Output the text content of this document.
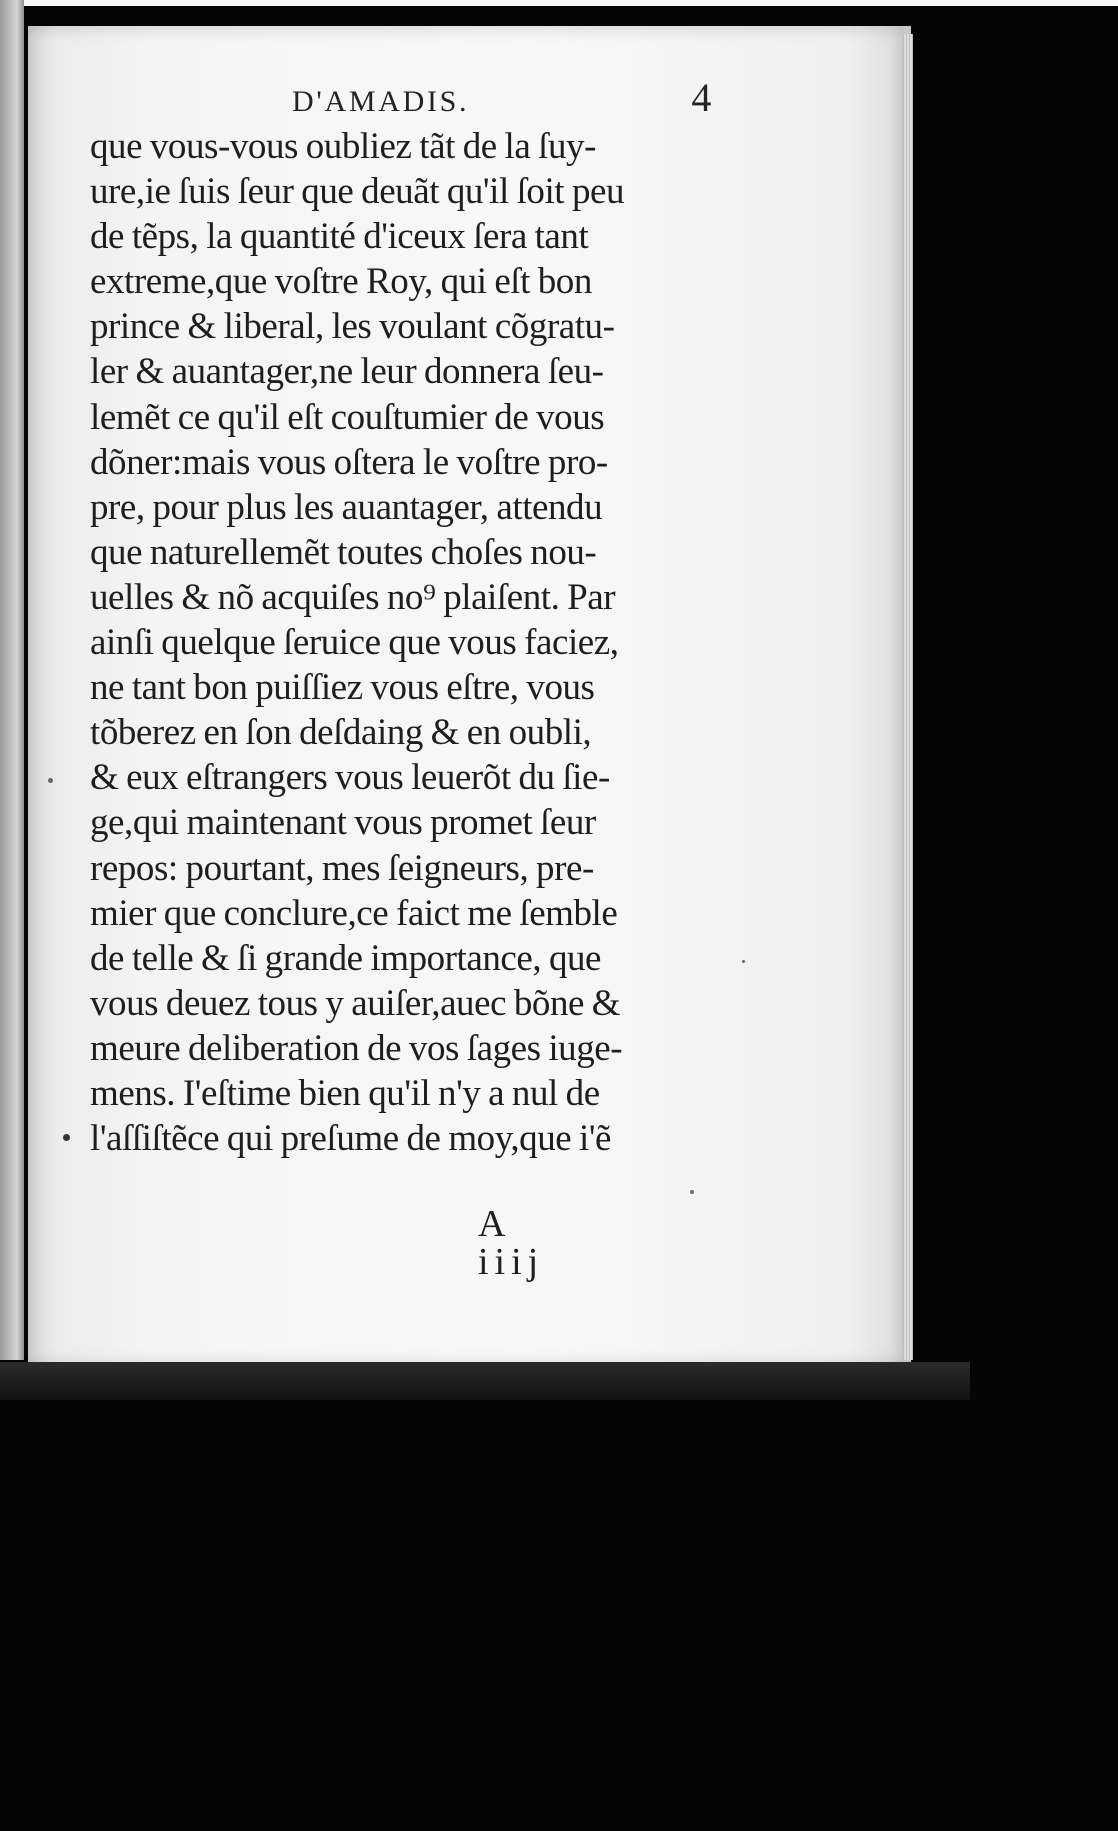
D'AMADIS.	4
que vous-vous oubliez tãt de la ſuy-
ure,ie ſuis ſeur que deuãt qu'il ſoit peu
de tẽps, la quantité d'iceux ſera tant
extreme,que voſtre Roy, qui eſt bon
prince & liberal, les voulant cõgratu-
ler & auantager,ne leur donnera ſeu-
lemẽt ce qu'il eſt couſtumier de vous
dõner:mais vous oſtera le voſtre pro-
pre, pour plus les auantager, attendu
que naturellemẽt toutes choſes nou-
uelles & nõ acquiſes no⁹ plaiſent. Par
ainſi quelque ſeruice que vous faciez,
ne tant bon puiſſiez vous eſtre, vous
tõberez en ſon deſdaing & en oubli,
& eux eſtrangers vous leuerõt du ſie-
ge,qui maintenant vous promet ſeur
repos: pourtant, mes ſeigneurs, pre-
mier que conclure,ce faict me ſemble
de telle & ſi grande importance, que
vous deuez tous y auiſer,auec bõne &
meure deliberation de vos ſages iuge-
mens. I'eſtime bien qu'il n'y a nul de
l'aſſiſtẽce qui preſume de moy,que i'ẽ
A iiij
